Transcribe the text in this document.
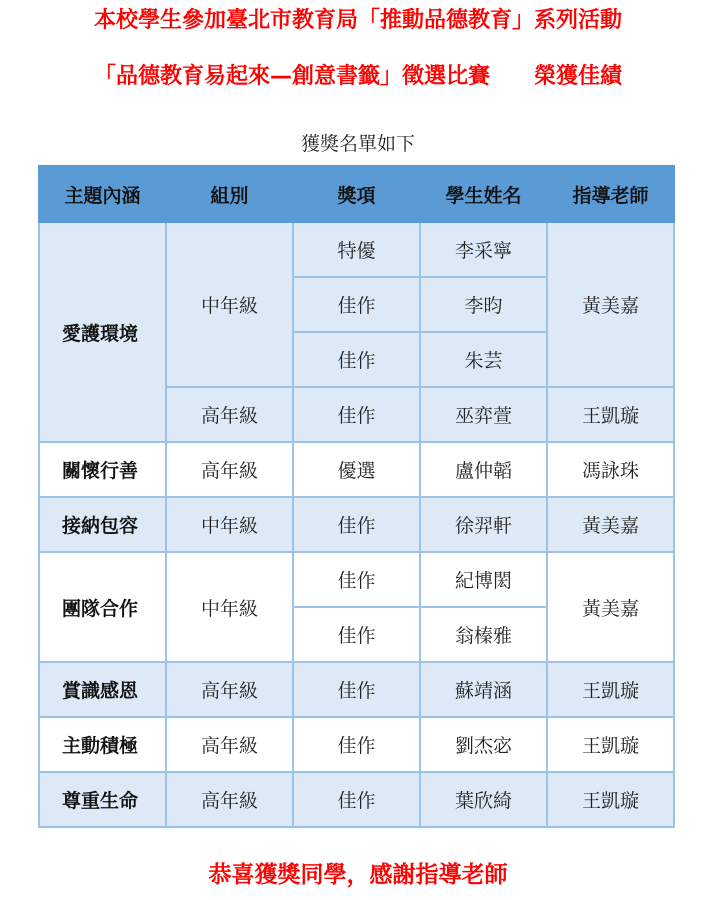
本校學生參加臺北市教育局「推動品德教育」系列活動
「品德教育易起來—創意書籤」徵選比賽　　榮獲佳績
獲獎名單如下
主題內涵	組別	獎項	學生姓名	指導老師
愛護環境	中年級	特優	李采寧	黃美嘉
		佳作	李昀	
		佳作	朱芸	
	高年級	佳作	巫弈萱	王凱璇
關懷行善	高年級	優選	盧仲韜	馮詠珠
接納包容	中年級	佳作	徐羿軒	黃美嘉
團隊合作	中年級	佳作	紀博閎	黃美嘉
		佳作	翁榛雅	
賞識感恩	高年級	佳作	蘇靖涵	王凱璇
主動積極	高年級	佳作	劉杰宓	王凱璇
尊重生命	高年級	佳作	葉欣綺	王凱璇
恭喜獲獎同學，感謝指導老師
